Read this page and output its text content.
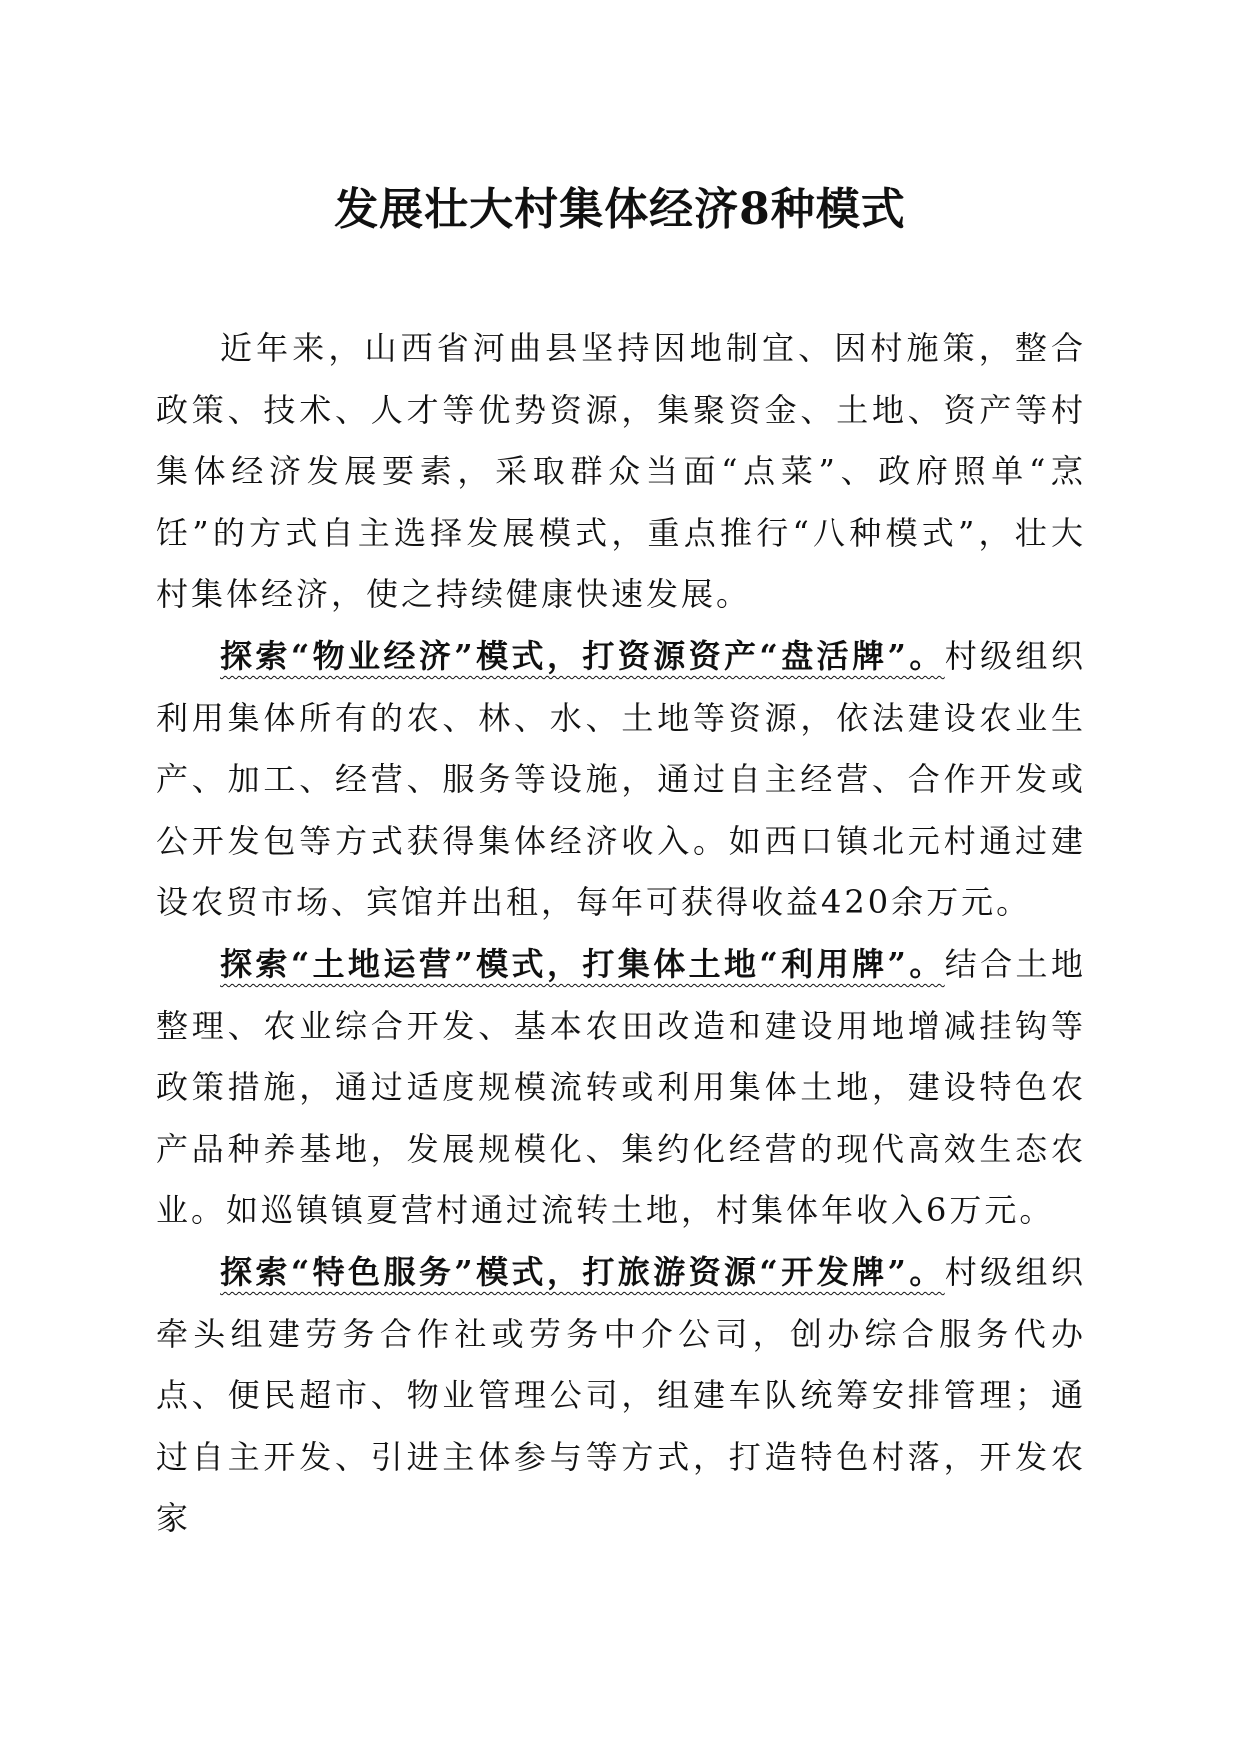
发展壮大村集体经济8种模式

近年来，山西省河曲县坚持因地制宜、因村施策，整合政策、技术、人才等优势资源，集聚资金、土地、资产等村集体经济发展要素，采取群众当面“点菜”、政府照单“烹饪”的方式自主选择发展模式，重点推行“八种模式”，壮大村集体经济，使之持续健康快速发展。

探索“物业经济”模式，打资源资产“盘活牌”。村级组织利用集体所有的农、林、水、土地等资源，依法建设农业生产、加工、经营、服务等设施，通过自主经营、合作开发或公开发包等方式获得集体经济收入。如西口镇北元村通过建设农贸市场、宾馆并出租，每年可获得收益420余万元。

探索“土地运营”模式，打集体土地“利用牌”。结合土地整理、农业综合开发、基本农田改造和建设用地增减挂钩等政策措施，通过适度规模流转或利用集体土地，建设特色农产品种养基地，发展规模化、集约化经营的现代高效生态农业。如巡镇镇夏营村通过流转土地，村集体年收入6万元。

探索“特色服务”模式，打旅游资源“开发牌”。村级组织牵头组建劳务合作社或劳务中介公司，创办综合服务代办点、便民超市、物业管理公司，组建车队统筹安排管理；通过自主开发、引进主体参与等方式，打造特色村落，开发农家
